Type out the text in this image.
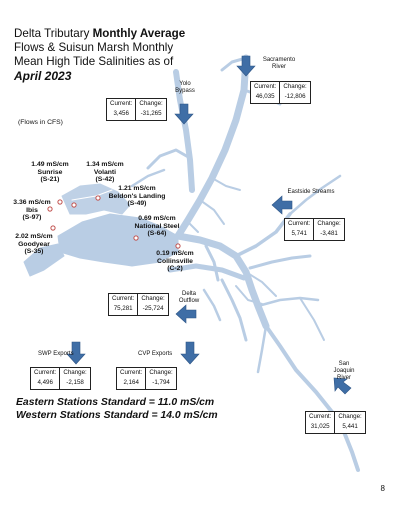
Delta Tributary Monthly Average
Flows & Suisun Marsh Monthly
Mean High Tide Salinities as of
April 2023
(Flows in CFS)
Sacramento
River
Current:
46,035
Change:
-12,806
Yolo
Bypass
Current:
3,456
Change:
-31,265
Eastside Streams
Current:
5,741
Change:
-3,481
Delta
Outflow
Current:
75,281
Change:
-25,724
SWP Exports
Current:
4,496
Change:
-2,158
CVP Exports
Current:
2,164
Change:
-1,794
San
Joaquin
River
Current:
31,025
Change:
5,441
1.49 mS/cm
Sunrise
(S-21)
1.34 mS/cm
Volanti
(S-42)
1.21 mS/cm
Beldon's Landing
(S-49)
3.36 mS/cm
Ibis
(S-97)	0.69 mS/cm
National Steel
(S-64)
2.02 mS/cm
Goodyear
(S-35)	0.19 mS/cm
Collinsville
(C-2)
Eastern Stations Standard = 11.0 mS/cm
Western Stations Standard = 14.0 mS/cm
8
